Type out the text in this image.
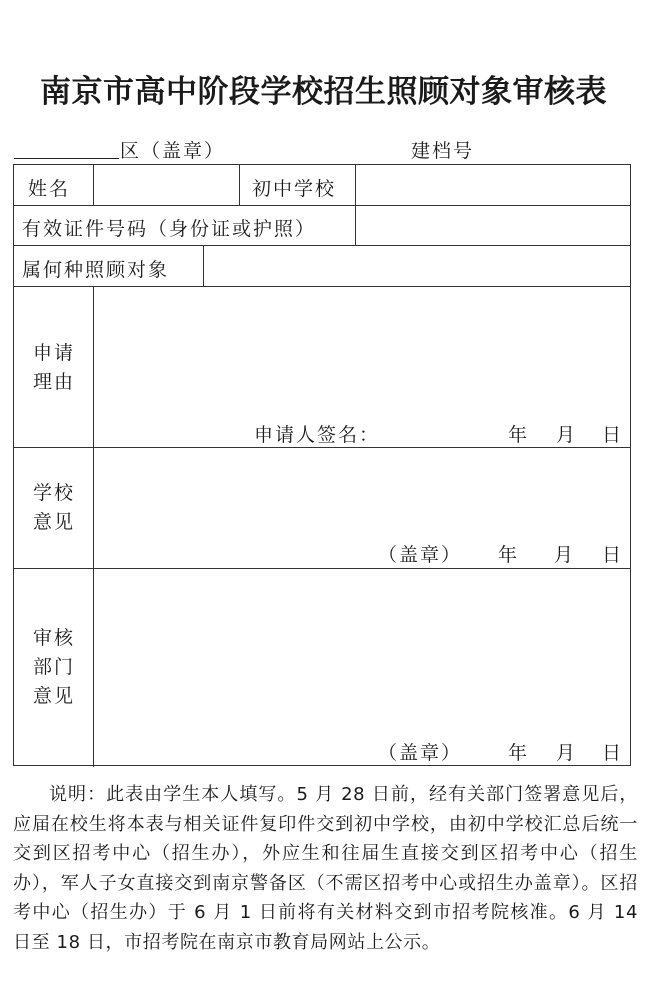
南京市高中阶段学校招生照顾对象审核表
区（盖章）	建档号
姓名	初中学校
有效证件号码（身份证或护照）
属何种照顾对象
申请
理由
申请人签名：	年 月 日
学校
意见
（盖章） 年 月 日
审核
部门
意见
（盖章） 年 月 日
说明：此表由学生本人填写。5 月 28 日前，经有关部门签署意见后，应届在校生将本表与相关证件复印件交到初中学校，由初中学校汇总后统一交到区招考中心（招生办），外应生和往届生直接交到区招考中心（招生办），军人子女直接交到南京警备区（不需区招考中心或招生办盖章）。区招考中心（招生办）于 6 月 1 日前将有关材料交到市招考院核准。6 月 14 日至 18 日，市招考院在南京市教育局网站上公示。
